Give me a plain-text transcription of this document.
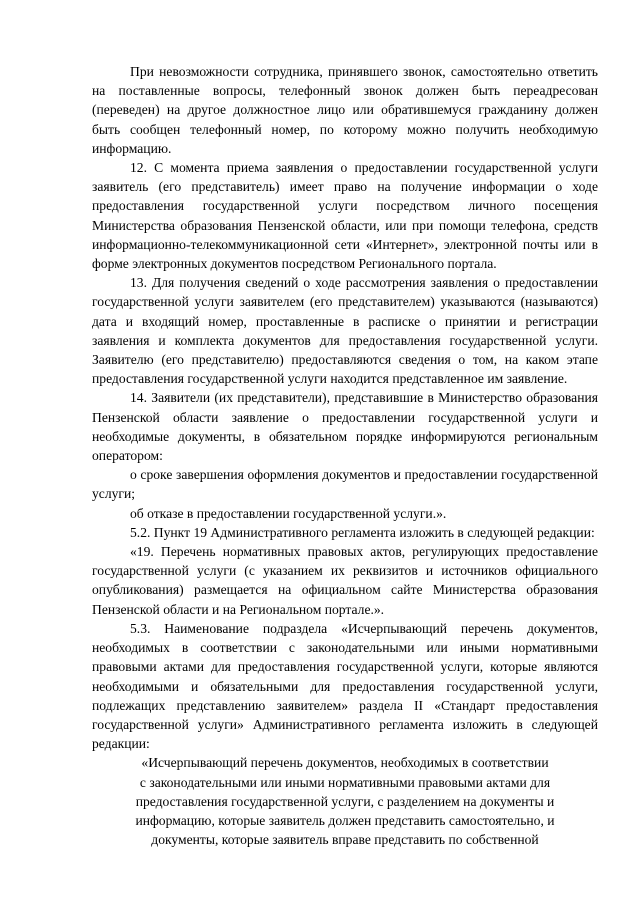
При невозможности сотрудника, принявшего звонок, самостоятельно ответить на поставленные вопросы, телефонный звонок должен быть переадресован (переведен) на другое должностное лицо или обратившемуся гражданину должен быть сообщен телефонный номер, по которому можно получить необходимую информацию.

12. С момента приема заявления о предоставлении государственной услуги заявитель (его представитель) имеет право на получение информации о ходе предоставления государственной услуги посредством личного посещения Министерства образования Пензенской области, или при помощи телефона, средств информационно-телекоммуникационной сети «Интернет», электронной почты или в форме электронных документов посредством Регионального портала.

13. Для получения сведений о ходе рассмотрения заявления о предоставлении государственной услуги заявителем (его представителем) указываются (называются) дата и входящий номер, проставленные в расписке о принятии и регистрации заявления и комплекта документов для предоставления государственной услуги. Заявителю (его представителю) предоставляются сведения о том, на каком этапе предоставления государственной услуги находится представленное им заявление.

14. Заявители (их представители), представившие в Министерство образования Пензенской области заявление о предоставлении государственной услуги и необходимые документы, в обязательном порядке информируются региональным оператором:

о сроке завершения оформления документов и предоставлении государственной услуги;

об отказе в предоставлении государственной услуги.».

5.2. Пункт 19 Административного регламента изложить в следующей редакции:

«19. Перечень нормативных правовых актов, регулирующих предоставление государственной услуги (с указанием их реквизитов и источников официального опубликования) размещается на официальном сайте Министерства образования Пензенской области и на Региональном портале.».

5.3. Наименование подраздела «Исчерпывающий перечень документов, необходимых в соответствии с законодательными или иными нормативными правовыми актами для предоставления государственной услуги, которые являются необходимыми и обязательными для предоставления государственной услуги, подлежащих представлению заявителем» раздела II «Стандарт предоставления государственной услуги» Административного регламента изложить в следующей редакции:

«Исчерпывающий перечень документов, необходимых в соответствии

с законодательными или иными нормативными правовыми актами для

предоставления государственной услуги, с разделением на документы и

информацию, которые заявитель должен представить самостоятельно, и

документы, которые заявитель вправе представить по собственной
